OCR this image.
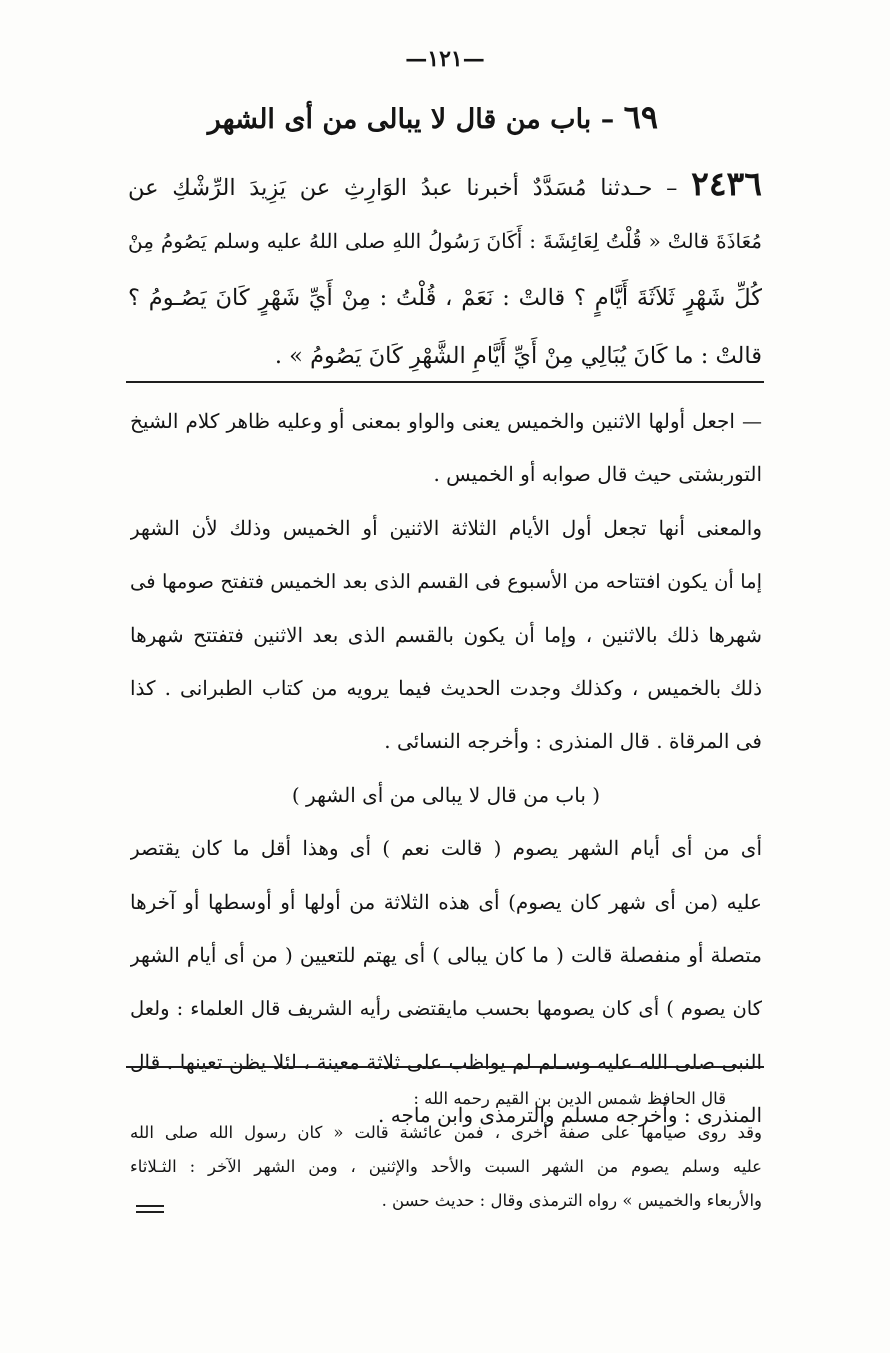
—١٢١—
٦٩ – باب من قال لا يبالى من أى الشهر
٢٤٣٦ – حـدثنا مُسَدَّدٌ أخبرنا عبدُ الوَارِثِ عن يَزِيدَ الرِّشْكِ عن
مُعَاذَةَ قالتْ « قُلْتُ لِعَائِشَةَ : أَكَانَ رَسُولُ اللهِ صلى اللهُ عليه وسلم يَصُومُ مِنْ
كُلِّ شَهْرٍ ثَلاَثَةَ أَيَّامٍ ؟ قالتْ : نَعَمْ ، قُلْتُ : مِنْ أَيِّ شَهْرٍ كَانَ يَصُـومُ ؟
قالتْ : ما كَانَ يُبَالِي مِنْ أَيِّ أَيَّامِ الشَّهْرِ كَانَ يَصُومُ » .
— اجعل أولها الاثنين والخميس يعنى والواو بمعنى أو وعليه ظاهر كلام الشيخ
التوربشتى حيث قال صوابه أو الخميس .
والمعنى أنها تجعل أول الأيام الثلاثة الاثنين أو الخميس وذلك لأن الشهر
إما أن يكون افتتاحه من الأسبوع فى القسم الذى بعد الخميس فتفتح صومها فى
شهرها ذلك بالاثنين ، وإما أن يكون بالقسم الذى بعد الاثنين فتفتتح شهرها
ذلك بالخميس ، وكذلك وجدت الحديث فيما يرويه من كتاب الطبرانى . كذا
فى المرقاة . قال المنذرى : وأخرجه النسائى .
( باب من قال لا يبالى من أى الشهر )
أى من أى أيام الشهر يصوم ( قالت نعم ) أى وهذا أقل ما كان يقتصر
عليه (من أى شهر كان يصوم) أى هذه الثلاثة من أولها أو أوسطها أو آخرها
متصلة أو منفصلة قالت ( ما كان يبالى ) أى يهتم للتعيين ( من أى أيام الشهر
كان يصوم ) أى كان يصومها بحسب مايقتضى رأيه الشريف قال العلماء : ولعل
النبى صلى الله عليه وسـلم لم يواظب على ثلاثة معينة ، لئلا يظن تعينها . قال
المنذرى : وأخرجه مسلم والترمذى وابن ماجه .
قال الحافظ شمس الدين بن القيم رحمه الله :
وقد روى صيامها على صفة أخرى ، فمن عائشة قالت « كان رسول الله صلى الله
عليه وسلم يصوم من الشهر السبت والأحد والإثنين ، ومن الشهر الآخر : الثـلاثاء
والأربعاء والخميس » رواه الترمذى وقال : حديث حسن .
